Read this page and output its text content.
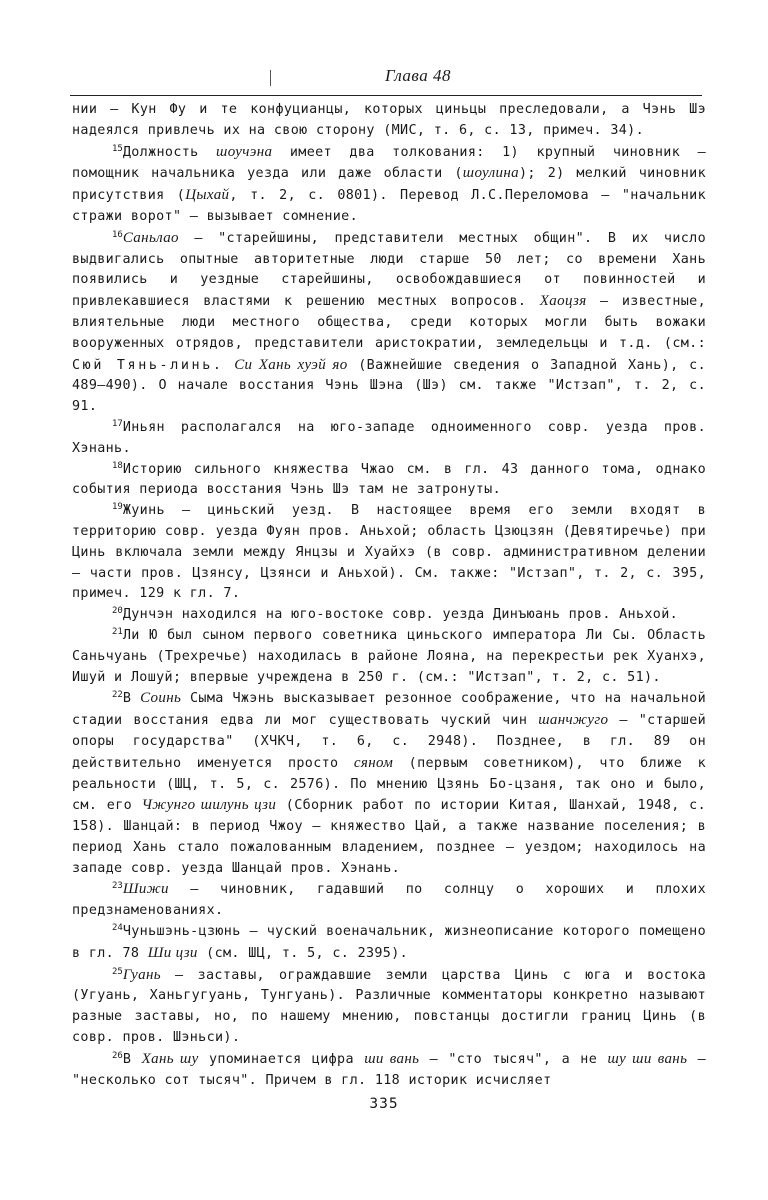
Глава 48

нии — Кун Фу и те конфуцианцы, которых циньцы преследовали, а Чэнь Шэ надеялся привлечь их на свою сторону (МИС, т. 6, с. 13, примеч. 34).

$^{15}$Должность шоучэна имеет два толкования: 1) крупный чиновник — помощник начальника уезда или даже области (шоулина); 2) мелкий чиновник присутствия (Цыхай, т. 2, с. 0801). Перевод Л.С.Переломова — "начальник стражи ворот" — вызывает сомнение.

$^{16}$Саньлао — "старейшины, представители местных общин". В их число выдвигались опытные авторитетные люди старше 50 лет; со времени Хань появились и уездные старейшины, освобождавшиеся от повинностей и привлекавшиеся властями к решению местных вопросов. Хаоцзя — известные, влиятельные люди местного общества, среди которых могли быть вожаки вооруженных отрядов, представители аристократии, земледельцы и т.д. (см.: Сюй Тянь-линь. Си Хань хуэй яо (Важнейшие сведения о Западной Хань), с. 489–490). О начале восстания Чэнь Шэна (Шэ) см. также "Истзап", т. 2, с. 91.

$^{17}$Иньян располагался на юго-западе одноименного совр. уезда пров. Хэнань.

$^{18}$Историю сильного княжества Чжао см. в гл. 43 данного тома, однако события периода восстания Чэнь Шэ там не затронуты.

$^{19}$Жуинь — циньский уезд. В настоящее время его земли входят в территорию совр. уезда Фуян пров. Аньхой; область Цзюцзян (Девятиречье) при Цинь включала земли между Янцзы и Хуайхэ (в совр. административном делении — части пров. Цзянсу, Цзянси и Аньхой). См. также: "Истзап", т. 2, с. 395, примеч. 129 к гл. 7.

$^{20}$Дунчэн находился на юго-востоке совр. уезда Динъюань пров. Аньхой.

$^{21}$Ли Ю был сыном первого советника циньского императора Ли Сы. Область Саньчуань (Трехречье) находилась в районе Лояна, на перекрестьи рек Хуанхэ, Ишуй и Лошуй; впервые учреждена в 250 г. (см.: "Истзап", т. 2, с. 51).

$^{22}$В Соинь Сыма Чжэнь высказывает резонное соображение, что на начальной стадии восстания едва ли мог существовать чуский чин шанчжуго — "старшей опоры государства" (ХЧКЧ, т. 6, с. 2948). Позднее, в гл. 89 он действительно именуется просто сяном (первым советником), что ближе к реальности (ШЦ, т. 5, с. 2576). По мнению Цзянь Бо-цзаня, так оно и было, см. его Чжунго шилунь цзи (Сборник работ по истории Китая, Шанхай, 1948, с. 158). Шанцай: в период Чжоу — княжество Цай, а также название поселения; в период Хань стало пожалованным владением, позднее — уездом; находилось на западе совр. уезда Шанцай пров. Хэнань.

$^{23}$Шижи — чиновник, гадавший по солнцу о хороших и плохих предзнаменованиях.

$^{24}$Чуньшэнь-цзюнь — чуский военачальник, жизнеописание которого помещено в гл. 78 Ши цзи (см. ШЦ, т. 5, с. 2395).

$^{25}$Гуань — заставы, ограждавшие земли царства Цинь с юга и востока (Угуань, Ханьгугуань, Тунгуань). Различные комментаторы конкретно называют разные заставы, но, по нашему мнению, повстанцы достигли границ Цинь (в совр. пров. Шэньси).

$^{26}$В Хань шу упоминается цифра ши вань — "сто тысяч", а не шу ши вань — "несколько сот тысяч". Причем в гл. 118 историк исчисляет

335
